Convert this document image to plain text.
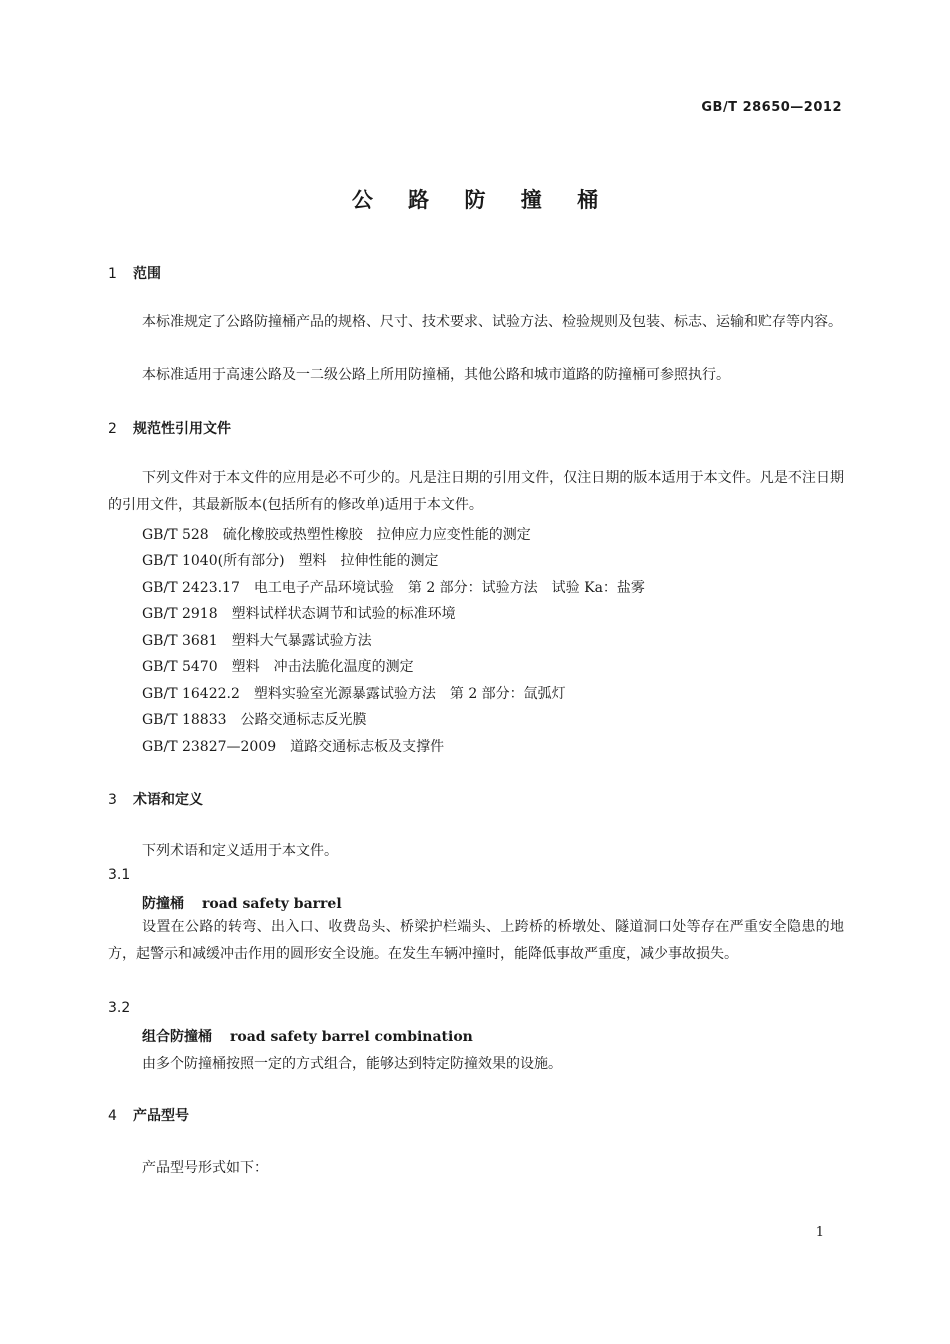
GB/T 28650—2012
公 路 防 撞 桶
1 范围
本标准规定了公路防撞桶产品的规格、尺寸、技术要求、试验方法、检验规则及包装、标志、运输和贮存等内容。
本标准适用于高速公路及一二级公路上所用防撞桶，其他公路和城市道路的防撞桶可参照执行。
2 规范性引用文件
下列文件对于本文件的应用是必不可少的。凡是注日期的引用文件，仅注日期的版本适用于本文件。凡是不注日期的引用文件，其最新版本(包括所有的修改单)适用于本文件。
GB/T 528　硫化橡胶或热塑性橡胶　拉伸应力应变性能的测定
GB/T 1040(所有部分)　塑料　拉伸性能的测定
GB/T 2423.17　电工电子产品环境试验　第 2 部分：试验方法　试验 Ka：盐雾
GB/T 2918　塑料试样状态调节和试验的标准环境
GB/T 3681　塑料大气暴露试验方法
GB/T 5470　塑料　冲击法脆化温度的测定
GB/T 16422.2　塑料实验室光源暴露试验方法　第 2 部分：氙弧灯
GB/T 18833　公路交通标志反光膜
GB/T 23827—2009　道路交通标志板及支撑件
3 术语和定义
下列术语和定义适用于本文件。
3.1
防撞桶 road safety barrel
设置在公路的转弯、出入口、收费岛头、桥梁护栏端头、上跨桥的桥墩处、隧道洞口处等存在严重安全隐患的地方，起警示和减缓冲击作用的圆形安全设施。在发生车辆冲撞时，能降低事故严重度，减少事故损失。
3.2
组合防撞桶 road safety barrel combination
由多个防撞桶按照一定的方式组合，能够达到特定防撞效果的设施。
4 产品型号
产品型号形式如下：
1
